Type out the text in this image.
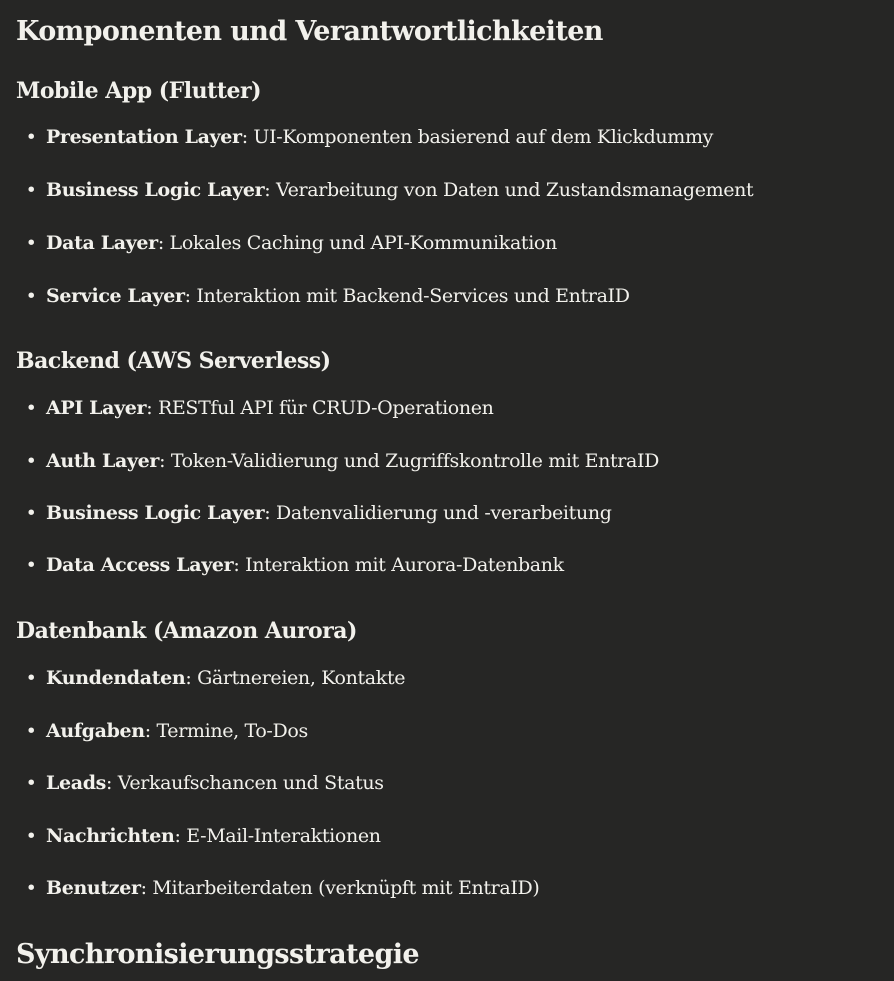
Komponenten und Verantwortlichkeiten
Mobile App (Flutter)
• Presentation Layer: UI-Komponenten basierend auf dem Klickdummy
• Business Logic Layer: Verarbeitung von Daten und Zustandsmanagement
• Data Layer: Lokales Caching und API-Kommunikation
• Service Layer: Interaktion mit Backend-Services und EntraID
Backend (AWS Serverless)
• API Layer: RESTful API für CRUD-Operationen
• Auth Layer: Token-Validierung und Zugriffskontrolle mit EntraID
• Business Logic Layer: Datenvalidierung und -verarbeitung
• Data Access Layer: Interaktion mit Aurora-Datenbank
Datenbank (Amazon Aurora)
• Kundendaten: Gärtnereien, Kontakte
• Aufgaben: Termine, To-Dos
• Leads: Verkaufschancen und Status
• Nachrichten: E-Mail-Interaktionen
• Benutzer: Mitarbeiterdaten (verknüpft mit EntraID)
Synchronisierungsstrategie
